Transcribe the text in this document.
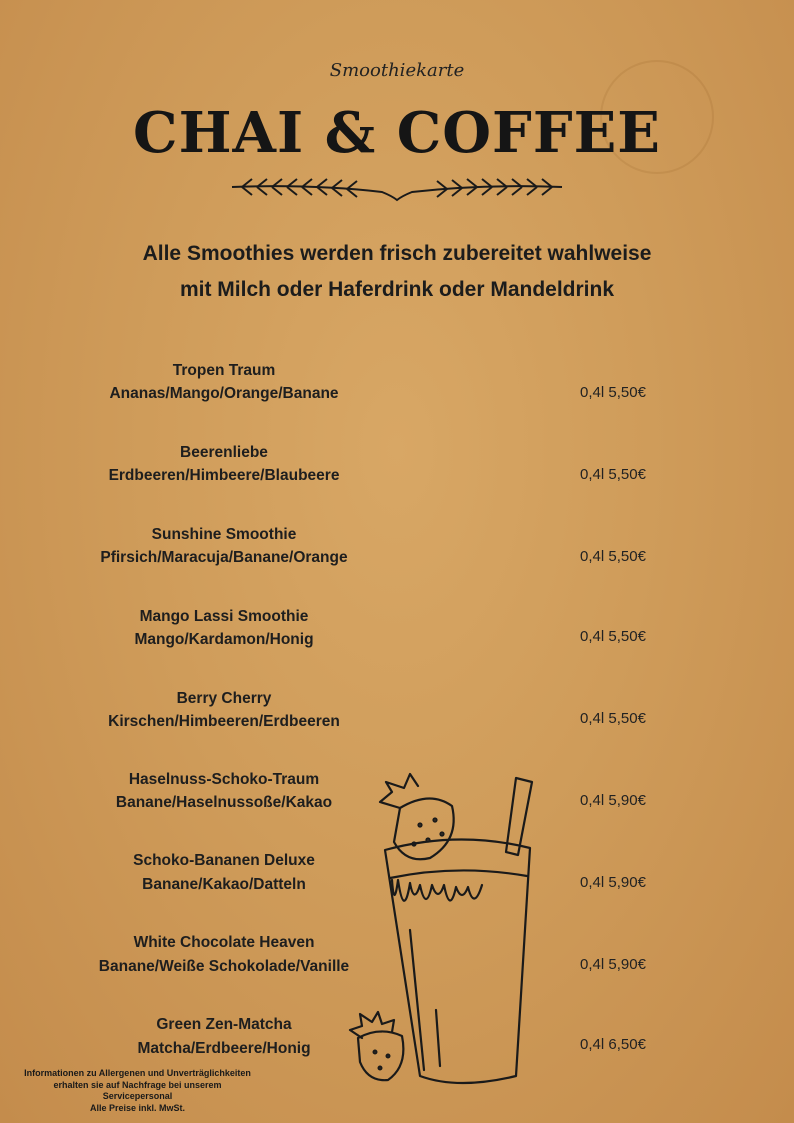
Smoothiekarte
CHAI & COFFEE
Alle Smoothies werden frisch zubereitet wahlweise
mit Milch oder Haferdrink oder Mandeldrink
Tropen Traum
Ananas/Mango/Orange/Banane	0,4l 5,50€
Beerenliebe
Erdbeeren/Himbeere/Blaubeere	0,4l 5,50€
Sunshine Smoothie
Pfirsich/Maracuja/Banane/Orange	0,4l 5,50€
Mango Lassi Smoothie
Mango/Kardamon/Honig	0,4l 5,50€
Berry Cherry
Kirschen/Himbeeren/Erdbeeren	0,4l 5,50€
Haselnuss-Schoko-Traum
Banane/Haselnussoße/Kakao	0,4l 5,90€
Schoko-Bananen Deluxe
Banane/Kakao/Datteln	0,4l 5,90€
White Chocolate Heaven
Banane/Weiße Schokolade/Vanille	0,4l 5,90€
Green Zen-Matcha
Matcha/Erdbeere/Honig	0,4l 6,50€
Informationen zu Allergenen und Unverträglichkeiten
erhalten sie auf Nachfrage bei unserem
Servicepersonal
Alle Preise inkl. MwSt.
